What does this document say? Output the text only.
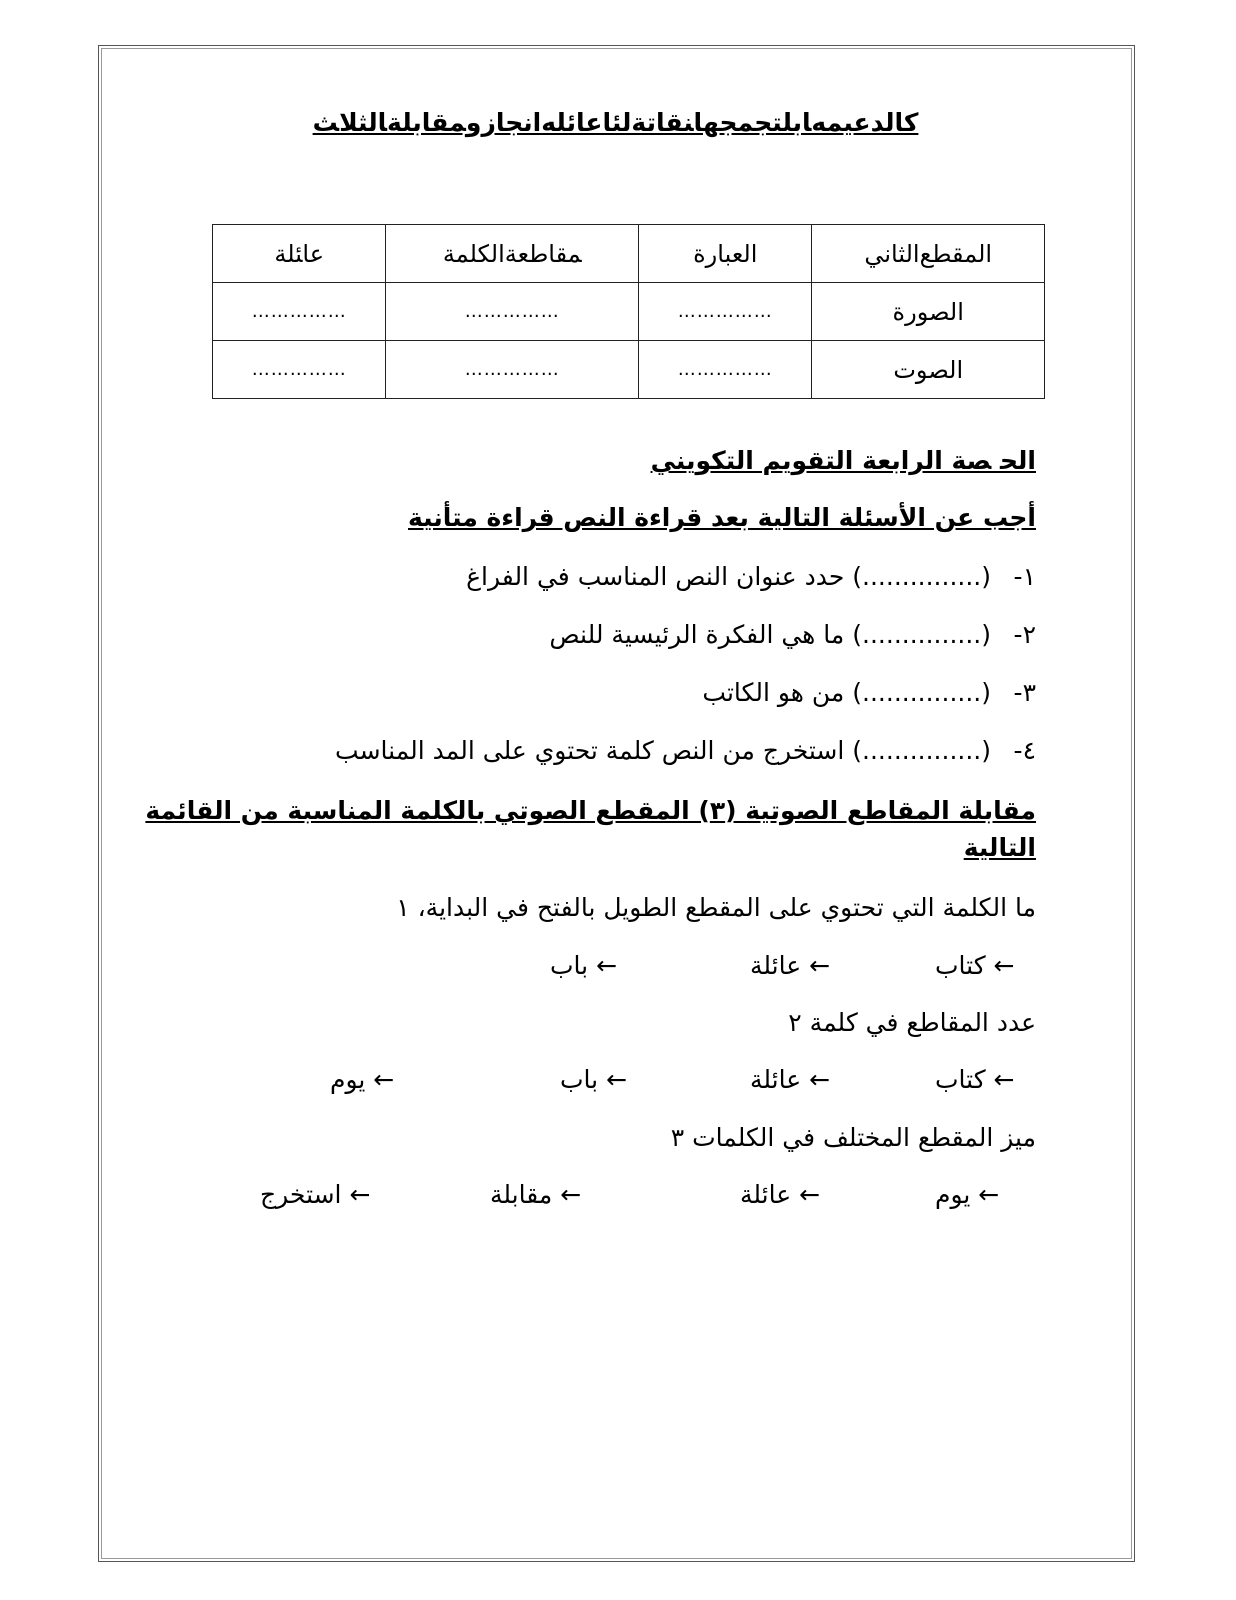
ﻛﺎﻟﺪﻋﻴﻤﻪﺎﺑﻠﺘﺠﻤﺠﻬﺎﻨﻘﺎﺗﺔﻟﺌﺎﻋﺎﺋﻠﻪﺍﻧﺠﺎﺯﻭﻤﻘﺎﺑﻠﺔﺎﻟﺜﻼﺚ
ﻋﺎﺌﻠﺔ	ﻤﻘﺎﻃﻌﺔﺍﻟﻜﻠﻤﺔ	ﺍﻟﻌﺒﺎﺭﺓ	ﺍﻟﻤﻘﻄﻊﺍﻟﺜﺎﻧﻲ
……………	……………	……………	ﺍﻟﺼﻮﺭﺓ
……………	……………	……………	ﺍﻟﺼﻮﺕ
ﺍﻟﺤ ﺼﺔ ﺍﻟﺮﺍﺑﻌﺔ ﺍﻟﺘﻘﻮﻳﻢ ﺍﻟﺘﻜﻮﻳﻨﻲ
ﺃﺟﺐ ﻋﻦ ﺍﻷﺳﺌﻠﺔ ﺍﻟﺘﺎﻟﻴﺔ ﺑﻌﺪ ﻗﺮﺍﺀﺓ ﺍﻟﻨﺺ ﻗﺮﺍﺀﺓ ﻣﺘﺄﻧﻴﺔ
ﺣﺪﺩ ﻋﻨﻮﺍﻥ ﺍﻟﻨﺺ ﺍﻟﻤﻨﺎﺳﺐ ﻓﻲ ﺍﻟﻔﺮﺍﻍ (...............) -١
ﻣﺎ ﻫﻲ ﺍﻟﻔﻜﺮﺓ ﺍﻟﺮﺋﻴﺴﻴﺔ ﻟﻠﻨﺺ (...............) -٢
ﻣﻦ ﻫﻮ ﺍﻟﻜﺎﺗﺐ (...............) -٣
ﺍﺳﺘﺨﺮﺝ ﻣﻦ ﺍﻟﻨﺺ ﻛﻠﻤﺔ ﺗﺤﺘﻮﻱ ﻋﻠﻰ ﺍﻟﻤﺪ ﺍﻟﻤﻨﺎﺳﺐ (...............) -٤
ﻣﻘﺎﺑﻠﺔ ﺍﻟﻤﻘﺎﻃﻊ ﺍﻟﺼﻮﺗﻴﺔ (٣) ﺍﻟﻤﻘﻄﻊ ﺍﻟﺼﻮﺗﻲ ﺑﺎﻟﻜﻠﻤﺔ ﺍﻟﻤﻨﺎﺳﺒﺔ ﻣﻦ ﺍﻟﻘﺎﺋﻤﺔ
ﺍﻟﺘﺎﻟﻴﺔ
ﻣﺎ ﺍﻟﻜﻠﻤﺔ ﺍﻟﺘﻲ ﺗﺤﺘﻮﻱ ﻋﻠﻰ ﺍﻟﻤﻘﻄﻊ ﺍﻟﻄﻮﻳﻞ ﺑﺎﻟﻔﺘﺢ ﻓﻲ ﺍﻟﺒﺪﺍﻳﺔ، ١
ﺑﺎﺏ ←	ﻋﺎﺋﻠﺔ ←	ﻛﺘﺎﺏ ←
ﻋﺪﺩ ﺍﻟﻤﻘﺎﻃﻊ ﻓﻲ ﻛﻠﻤﺔ ٢
ﻳﻮﻡ ←	ﺑﺎﺏ ←	ﻋﺎﺋﻠﺔ ←	ﻛﺘﺎﺏ ←
ﻣﻴﺰ ﺍﻟﻤﻘﻄﻊ ﺍﻟﻤﺨﺘﻠﻒ ﻓﻲ ﺍﻟﻜﻠﻤﺎﺕ ٣
ﺍﺳﺘﺨﺮﺝ ←	ﻣﻘﺎﺑﻠﺔ ←	ﻋﺎﺋﻠﺔ ←	ﻳﻮﻡ ←
